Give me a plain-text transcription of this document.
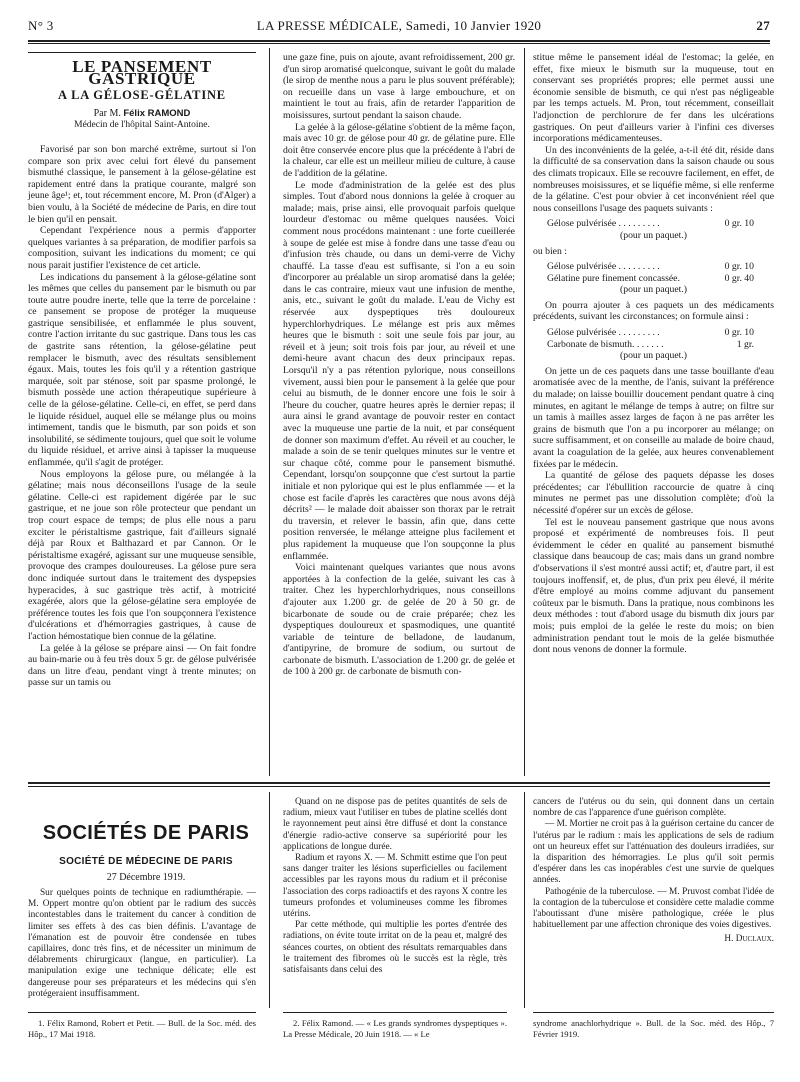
N° 3	LA PRESSE MÉDICALE, Samedi, 10 Janvier 1920	27
LE PANSEMENT GASTRIQUE
A LA GÉLOSE-GÉLATINE
Par M. Félix RAMOND
Médecin de l'hôpital Saint-Antoine.

Favorisé par son bon marché extrême, surtout si l'on compare son prix avec celui fort élevé du pansement bismuthé classique, le pansement à la gélose-gélatine est rapidement entré dans la pratique courante, malgré son jeune âge¹; et, tout récemment encore, M. Pron (d'Alger) a bien voulu, à la Société de médecine de Paris, en dire tout le bien qu'il en pensait.

Cependant l'expérience nous a permis d'apporter quelques variantes à sa préparation, de modifier parfois sa composition, suivant les indications du moment; ce qui nous parait justifier l'existence de cet article.

Les indications du pansement à la gélose-gélatine sont les mêmes que celles du pansement par le bismuth ou par toute autre poudre inerte, telle que la terre de porcelaine : ce pansement se propose de protéger la muqueuse gastrique sensibilisée, et enflammée le plus souvent, contre l'action irritante du suc gastrique. Dans tous les cas de gastrite sans rétention, la gélose-gélatine peut remplacer le bismuth, avec des résultats sensiblement égaux. Mais, toutes les fois qu'il y a rétention gastrique marquée, soit par sténose, soit par spasme prolongé, le bismuth possède une action thérapeutique supérieure à celle de la gélose-gélatine. Celle-ci, en effet, se perd dans le liquide résiduel, auquel elle se mélange plus ou moins intimement, tandis que le bismuth, par son poids et son insolubilité, se sédimente toujours, quel que soit le volume du liquide résiduel, et arrive ainsi à tapisser la muqueuse enflammée, qu'il s'agit de protéger.

Nous employons la gélose pure, ou mélangée à la gélatine; mais nous déconseillons l'usage de la seule gélatine. Celle-ci est rapidement digérée par le suc gastrique, et ne joue son rôle protecteur que pendant un trop court espace de temps; de plus elle nous a paru exciter le péristaltisme gastrique, fait d'ailleurs signalé déjà par Roux et Balthazard et par Cannon. Or le péristaltisme exagéré, agissant sur une muqueuse sensible, provoque des crampes douloureuses. La gélose pure sera donc indiquée surtout dans le traitement des dyspepsies hyperacides, à suc gastrique très actif, à motricité exagérée, alors que la gélose-gélatine sera employée de préférence toutes les fois que l'on soupçonnera l'existence d'ulcérations et d'hémorragies gastriques, à cause de l'action hémostatique bien connue de la gélatine.

La gelée à la gélose se prépare ainsi — On fait fondre au bain-marie ou à feu très doux 5 gr. de gélose pulvérisée dans un litre d'eau, pendant vingt à trente minutes; on passe sur un tamis ou

une gaze fine, puis on ajoute, avant refroidissement, 200 gr. d'un sirop aromatisé quelconque, suivant le goût du malade (le sirop de menthe nous a paru le plus souvent préférable); on recueille dans un vase à large embouchure, et on maintient le tout au frais, afin de retarder l'apparition de moisissures, surtout pendant la saison chaude.

La gelée à la gélose-gélatine s'obtient de la même façon, mais avec 10 gr. de gélose pour 40 gr. de gélatine pure. Elle doit être conservée encore plus que la précédente à l'abri de la chaleur, car elle est un meilleur milieu de culture, à cause de l'addition de la gélatine.

Le mode d'administration de la gelée est des plus simples. Tout d'abord nous donnions la gelée à croquer au malade; mais, prise ainsi, elle provoquait parfois quelque lourdeur d'estomac ou même quelques nausées. Voici comment nous procédons maintenant : une forte cueillerée à soupe de gelée est mise à fondre dans une tasse d'eau ou d'infusion très chaude, ou dans un demi-verre de Vichy chauffé. La tasse d'eau est suffisante, si l'on a eu soin d'incorporer au préalable un sirop aromatisé dans la gelée; dans le cas contraire, mieux vaut une infusion de menthe, anis, etc., suivant le goût du malade. L'eau de Vichy est réservée aux dyspeptiques très douloureux hyperchlorhydriques. Le mélange est pris aux mêmes heures que le bismuth : soit une seule fois par jour, au réveil et à jeun; soit trois fois par jour, au réveil et une demi-heure avant chacun des deux principaux repas. Lorsqu'il n'y a pas rétention pylorique, nous conseillons vivement, aussi bien pour le pansement à la gelée que pour celui au bismuth, de le donner encore une fois le soir à l'heure du coucher, quatre heures après le dernier repas; il aura ainsi le grand avantage de pouvoir rester en contact avec la muqueuse une partie de la nuit, et par conséquent de donner son maximum d'effet. Au réveil et au coucher, le malade a soin de se tenir quelques minutes sur le ventre et sur chaque côté, comme pour le pansement bismuthé. Cependant, lorsqu'on soupçonne que c'est surtout la partie initiale et non pylorique qui est le plus enflammée — et la chose est facile d'après les caractères que nous avons déjà décrits² — le malade doit abaisser son thorax par le retrait du traversin, et relever le bassin, afin que, dans cette position renversée, le mélange atteigne plus facilement et plus rapidement la muqueuse que l'on soupçonne la plus enflammée.

Voici maintenant quelques variantes que nous avons apportées à la confection de la gelée, suivant les cas à traiter. Chez les hyperchlorhydriques, nous conseillons d'ajouter aux 1.200 gr. de gelée de 20 à 50 gr. de bicarbonate de soude ou de craie préparée; chez les dyspeptiques douloureux et spasmodiques, une quantité variable de teinture de belladone, de laudanum, d'antipyrine, de bromure de sodium, ou surtout de carbonate de bismuth. L'association de 1.200 gr. de gelée et de 100 à 200 gr. de carbonate de bismuth con-

stitue même le pansement idéal de l'estomac; la gelée, en effet, fixe mieux le bismuth sur la muqueuse, tout en conservant ses propriétés propres; elle permet aussi une économie sensible de bismuth, ce qui n'est pas négligeable par les temps actuels. M. Pron, tout récemment, conseillait l'adjonction de perchlorure de fer dans les ulcérations gastriques. On peut d'ailleurs varier à l'infini ces diverses incorporations médicamenteuses.

Un des inconvénients de la gelée, a-t-il été dit, réside dans la difficulté de sa conservation dans la saison chaude ou sous des climats tropicaux. Elle se recouvre facilement, en effet, de nombreuses moisissures, et se liquéfie même, si elle renferme de la gélatine. C'est pour obvier à cet inconvénient réel que nous conseillons l'usage des paquets suivants :

Gélose pulvérisée . . . . . . . . .	0 gr. 10
(pour un paquet.)

ou bien :

Gélose pulvérisée . . . . . . . . .	0 gr. 10
Gélatine pure finement concassée.	0 gr. 40
(pour un paquet.)

On pourra ajouter à ces paquets un des médicaments précédents, suivant les circonstances; on formule ainsi :

Gélose pulvérisée . . . . . . . . .	0 gr. 10
Carbonate de bismuth. . . . . . .	1 gr.
(pour un paquet.)

On jette un de ces paquets dans une tasse bouillante d'eau aromatisée avec de la menthe, de l'anis, suivant la préférence du malade; on laisse bouillir doucement pendant quatre à cinq minutes, en agitant le mélange de temps à autre; on filtre sur un tamis à mailles assez larges de façon à ne pas arrêter les grains de bismuth que l'on a pu incorporer au mélange; on sucre suffisamment, et on conseille au malade de boire chaud, avant la coagulation de la gelée, aux heures convenablement fixées par le médecin.

La quantité de gélose des paquets dépasse les doses précédentes; car l'ébullition raccourcie de quatre à cinq minutes ne permet pas une dissolution complète; d'où la nécessité d'opérer sur un excès de gélose.

Tel est le nouveau pansement gastrique que nous avons proposé et expérimenté de nombreuses fois. Il peut évidemment le céder en qualité au pansement bismuthé classique dans beaucoup de cas; mais dans un grand nombre d'observations il s'est montré aussi actif; et, d'autre part, il est toujours inoffensif, et, de plus, d'un prix peu élevé, il mérite d'être employé au moins comme adjuvant du pansement coûteux par le bismuth. Dans la pratique, nous combinons les deux méthodes : tout d'abord usage du bismuth dix jours par mois; puis emploi de la gelée le reste du mois; on bien administration pendant tout le mois de la gelée bismuthée dont nous venons de donner la formule.

SOCIÉTÉS DE PARIS
SOCIÉTÉ DE MÉDECINE DE PARIS
27 Décembre 1919.

Sur quelques points de technique en radiumthérapie. — M. Oppert montre qu'on obtient par le radium des succès incontestables dans le traitement du cancer à condition de limiter ses effets à des cas bien définis. L'avantage de l'émanation est de pouvoir être condensée en tubes capillaires, donc très fins, et de nécessiter un minimum de délabrements chirurgicaux (langue, en particulier). La manipulation exige une technique délicate; elle est dangereuse pour ses préparateurs et les médecins qui s'en protégeraient insuffisamment.

Quand on ne dispose pas de petites quantités de sels de radium, mieux vaut l'utiliser en tubes de platine scellés dont le rayonnement peut ainsi être diffusé et dont la constance d'énergie radio-active conserve sa supériorité pour les applications de longue durée.

Radium et rayons X. — M. Schmitt estime que l'on peut sans danger traiter les lésions superficielles ou facilement accessibles par les rayons mous du radium et il préconise l'association des corps radioactifs et des rayons X contre les tumeurs profondes et volumineuses comme les fibromes utérins.

Par cette méthode, qui multiplie les portes d'entrée des radiations, on évite toute irritat on de la peau et, malgré des séances courtes, on obtient des résultats remarquables dans le traitement des fibromes où le succès est la règle, très satisfaisants dans celui des

cancers de l'utérus ou du sein, qui donnent dans un certain nombre de cas l'apparence d'une guérison complète.

— M. Mortier ne croit pas à la guérison certaine du cancer de l'utérus par le radium : mais les applications de sels de radium ont un heureux effet sur l'atténuation des douleurs irradiées, sur la disparition des hémorragies. Le plus qu'il soit permis d'espérer dans les cas inopérables c'est une survie de quelques années.

Pathogénie de la tuberculose. — M. Pruvost combat l'idée de la contagion de la tuberculose et considère cette maladie comme l'aboutissant d'une misère pathologique, créée le plus habituellement par une affection chronique des voies digestives.

H. Duclaux.

1. Félix Ramond, Robert et Petit. — Bull. de la Soc. méd. des Hôp., 17 Mai 1918.

2. Félix Ramond. — « Les grands syndromes dyspeptiques ». La Presse Médicale, 20 Juin 1918. — « Le

syndrome anachlorhydrique ». Bull. de la Soc. méd. des Hôp., 7 Février 1919.
